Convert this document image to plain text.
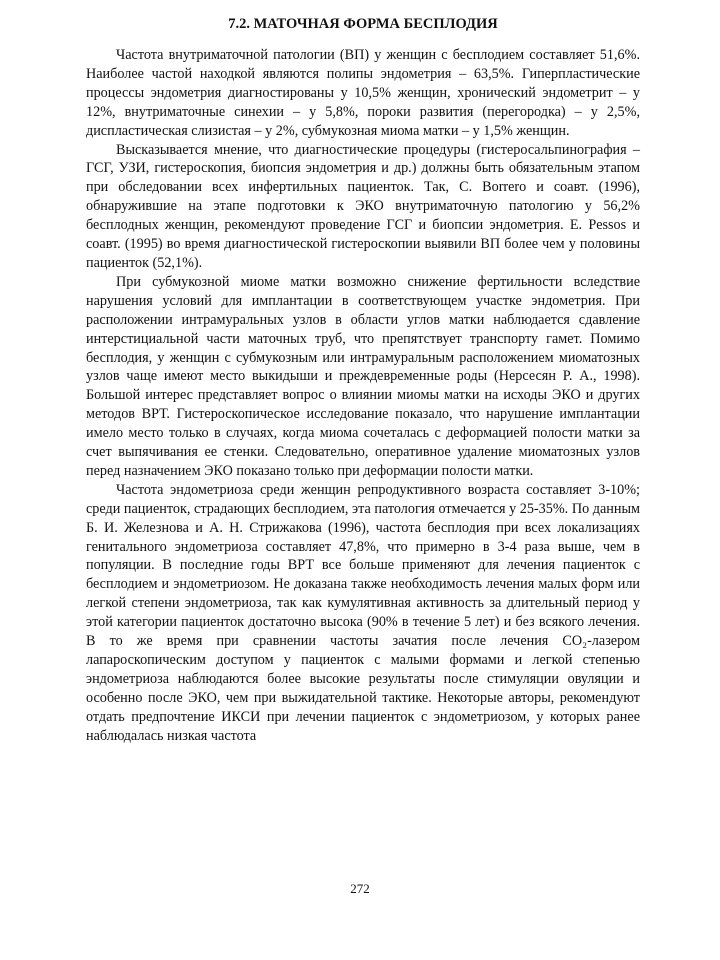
7.2. МАТОЧНАЯ ФОРМА БЕСПЛОДИЯ

Частота внутриматочной патологии (ВП) у женщин с бесплодием составляет 51,6%. Наиболее частой находкой являются полипы эндометрия – 63,5%. Гиперпластические процессы эндометрия диагностированы у 10,5% женщин, хронический эндометрит – у 12%, внутриматочные синехии – у 5,8%, пороки развития (перегородка) – у 2,5%, диспластическая слизистая – у 2%, субмукозная миома матки – у 1,5% женщин.

Высказывается мнение, что диагностические процедуры (гистеросальпинография – ГСГ, УЗИ, гистероскопия, биопсия эндометрия и др.) должны быть обязательным этапом при обследовании всех инфертильных пациенток. Так, С. Borrero и соавт. (1996), обнаружившие на этапе подготовки к ЭКО внутриматочную патологию у 56,2% бесплодных женщин, рекомендуют проведение ГСГ и биопсии эндометрия. E. Pessos и соавт. (1995) во время диагностической гистероскопии выявили ВП более чем у половины пациенток (52,1%).

При субмукозной миоме матки возможно снижение фертильности вследствие нарушения условий для имплантации в соответствующем участке эндометрия. При расположении интрамуральных узлов в области углов матки наблюдается сдавление интерстициальной части маточных труб, что препятствует транспорту гамет. Помимо бесплодия, у женщин с субмукозным или интрамуральным расположением миоматозных узлов чаще имеют место выкидыши и преждевременные роды (Нерсесян Р. А., 1998). Большой интерес представляет вопрос о влиянии миомы матки на исходы ЭКО и других методов ВРТ. Гистероскопическое исследование показало, что нарушение имплантации имело место только в случаях, когда миома сочеталась с деформацией полости матки за счет выпячивания ее стенки. Следовательно, оперативное удаление миоматозных узлов перед назначением ЭКО показано только при деформации полости матки.

Частота эндометриоза среди женщин репродуктивного возраста составляет 3-10%; среди пациенток, страдающих бесплодием, эта патология отмечается у 25-35%. По данным Б. И. Железнова и А. Н. Стрижакова (1996), частота бесплодия при всех локализациях генитального эндометриоза составляет 47,8%, что примерно в 3-4 раза выше, чем в популяции. В последние годы ВРТ все больше применяют для лечения пациенток с бесплодием и эндометриозом. Не доказана также необходимость лечения малых форм или легкой степени эндометриоза, так как кумулятивная активность за длительный период у этой категории пациенток достаточно высока (90% в течение 5 лет) и без всякого лечения. В то же время при сравнении частоты зачатия после лечения CO₂-лазером лапароскопическим доступом у пациенток с малыми формами и легкой степенью эндометриоза наблюдаются более высокие результаты после стимуляции овуляции и особенно после ЭКО, чем при выжидательной тактике. Некоторые авторы, рекомендуют отдать предпочтение ИКСИ при лечении пациенток с эндометриозом, у которых ранее наблюдалась низкая частота

272
